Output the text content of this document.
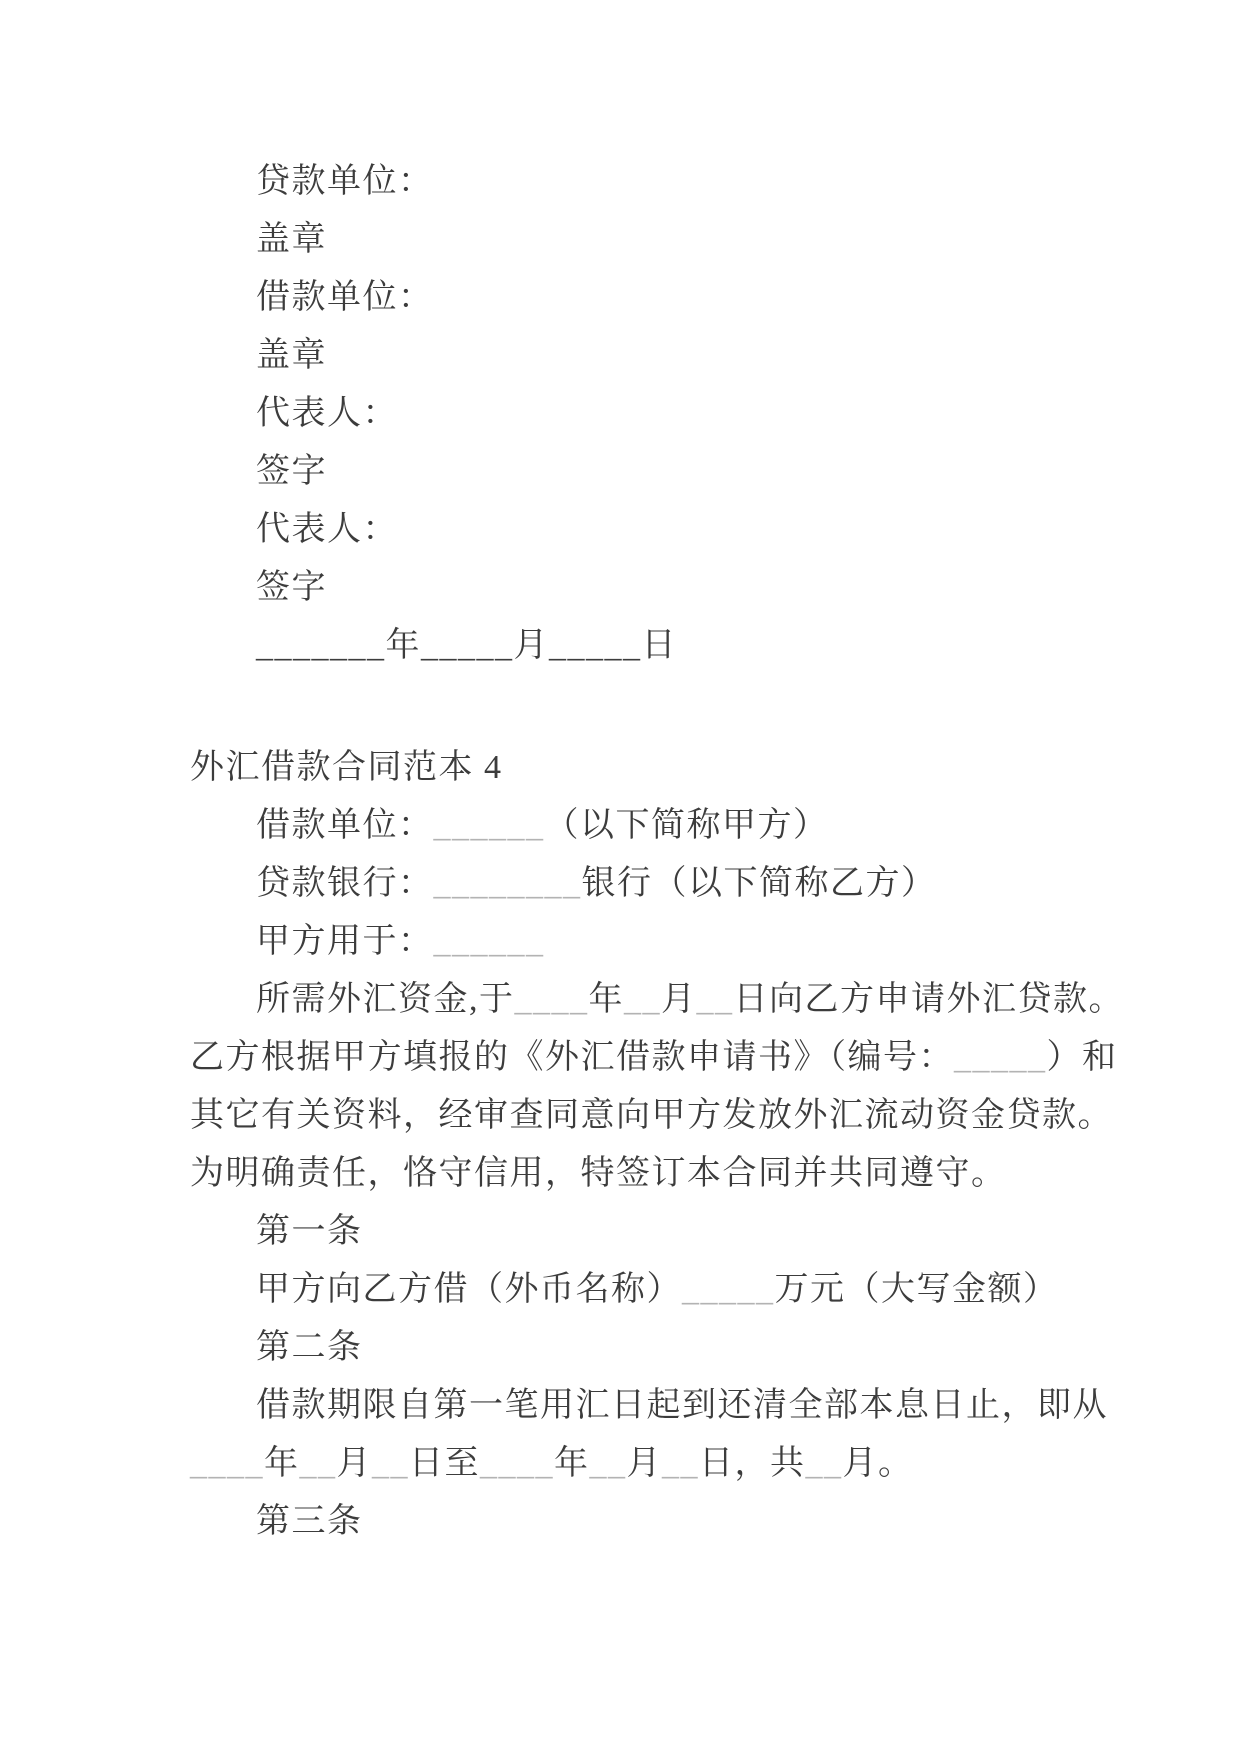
贷款单位：
盖章
借款单位：
盖章
代表人：
签字
代表人：
签字
_______年_____月_____日
外汇借款合同范本 4
借款单位：______（以下简称甲方）
贷款银行：________银行（以下简称乙方）
甲方用于：______
所需外汇资金,于____年__月__日向乙方申请外汇贷款。
乙方根据甲方填报的《外汇借款申请书》（编号：_____）和
其它有关资料，经审查同意向甲方发放外汇流动资金贷款。
为明确责任，恪守信用，特签订本合同并共同遵守。
第一条
甲方向乙方借（外币名称）_____万元（大写金额）
第二条
借款期限自第一笔用汇日起到还清全部本息日止，即从
____年__月__日至____年__月__日，共__月。
第三条
